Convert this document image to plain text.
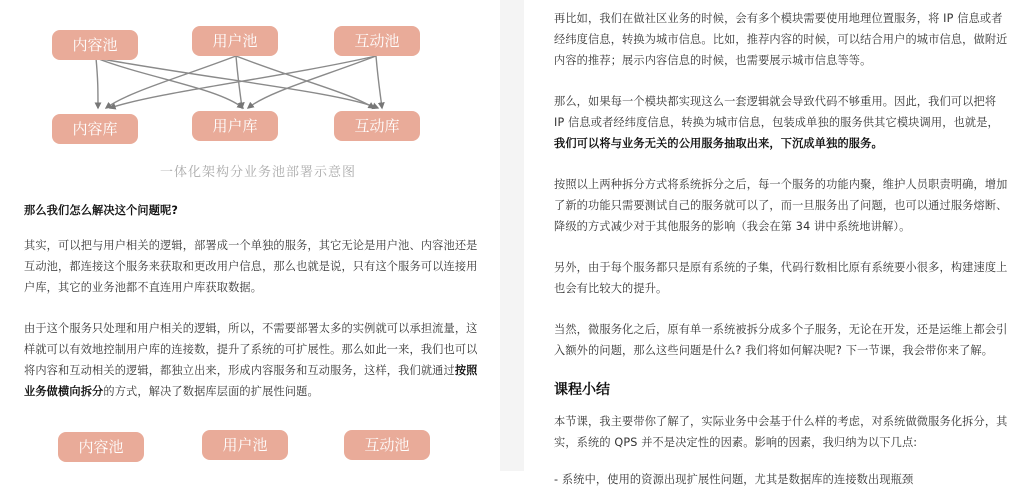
内容池	用户池	互动池
内容库	用户库	互动库
一体化架构分业务池部署示意图

那么我们怎么解决这个问题呢?

其实，可以把与用户相关的逻辑，部署成一个单独的服务，其它无论是用户池、内容池还是互动池，都连接这个服务来获取和更改用户信息，那么也就是说，只有这个服务可以连接用户库，其它的业务池都不直连用户库获取数据。

由于这个服务只处理和用户相关的逻辑，所以，不需要部署太多的实例就可以承担流量，这样就可以有效地控制用户库的连接数，提升了系统的可扩展性。那么如此一来，我们也可以将内容和互动相关的逻辑，都独立出来，形成内容服务和互动服务，这样，我们就通过按照业务做横向拆分的方式，解决了数据库层面的扩展性问题。

内容池	用户池	互动池

再比如，我们在做社区业务的时候，会有多个模块需要使用地理位置服务，将 IP 信息或者经纬度信息，转换为城市信息。比如，推荐内容的时候，可以结合用户的城市信息，做附近内容的推荐；展示内容信息的时候，也需要展示城市信息等等。

那么，如果每一个模块都实现这么一套逻辑就会导致代码不够重用。因此，我们可以把将 IP 信息或者经纬度信息，转换为城市信息，包装成单独的服务供其它模块调用，也就是，我们可以将与业务无关的公用服务抽取出来，下沉成单独的服务。

按照以上两种拆分方式将系统拆分之后，每一个服务的功能内聚，维护人员职责明确，增加了新的功能只需要测试自己的服务就可以了，而一旦服务出了问题，也可以通过服务熔断、降级的方式减少对于其他服务的影响（我会在第 34 讲中系统地讲解）。

另外，由于每个服务都只是原有系统的子集，代码行数相比原有系统要小很多，构建速度上也会有比较大的提升。

当然，微服务化之后，原有单一系统被拆分成多个子服务，无论在开发，还是运维上都会引入额外的问题，那么这些问题是什么? 我们将如何解决呢? 下一节课，我会带你来了解。

课程小结

本节课，我主要带你了解了，实际业务中会基于什么样的考虑，对系统做微服务化拆分，其实，系统的 QPS 并不是决定性的因素。影响的因素，我归纳为以下几点:

- 系统中，使用的资源出现扩展性问题，尤其是数据库的连接数出现瓶颈
